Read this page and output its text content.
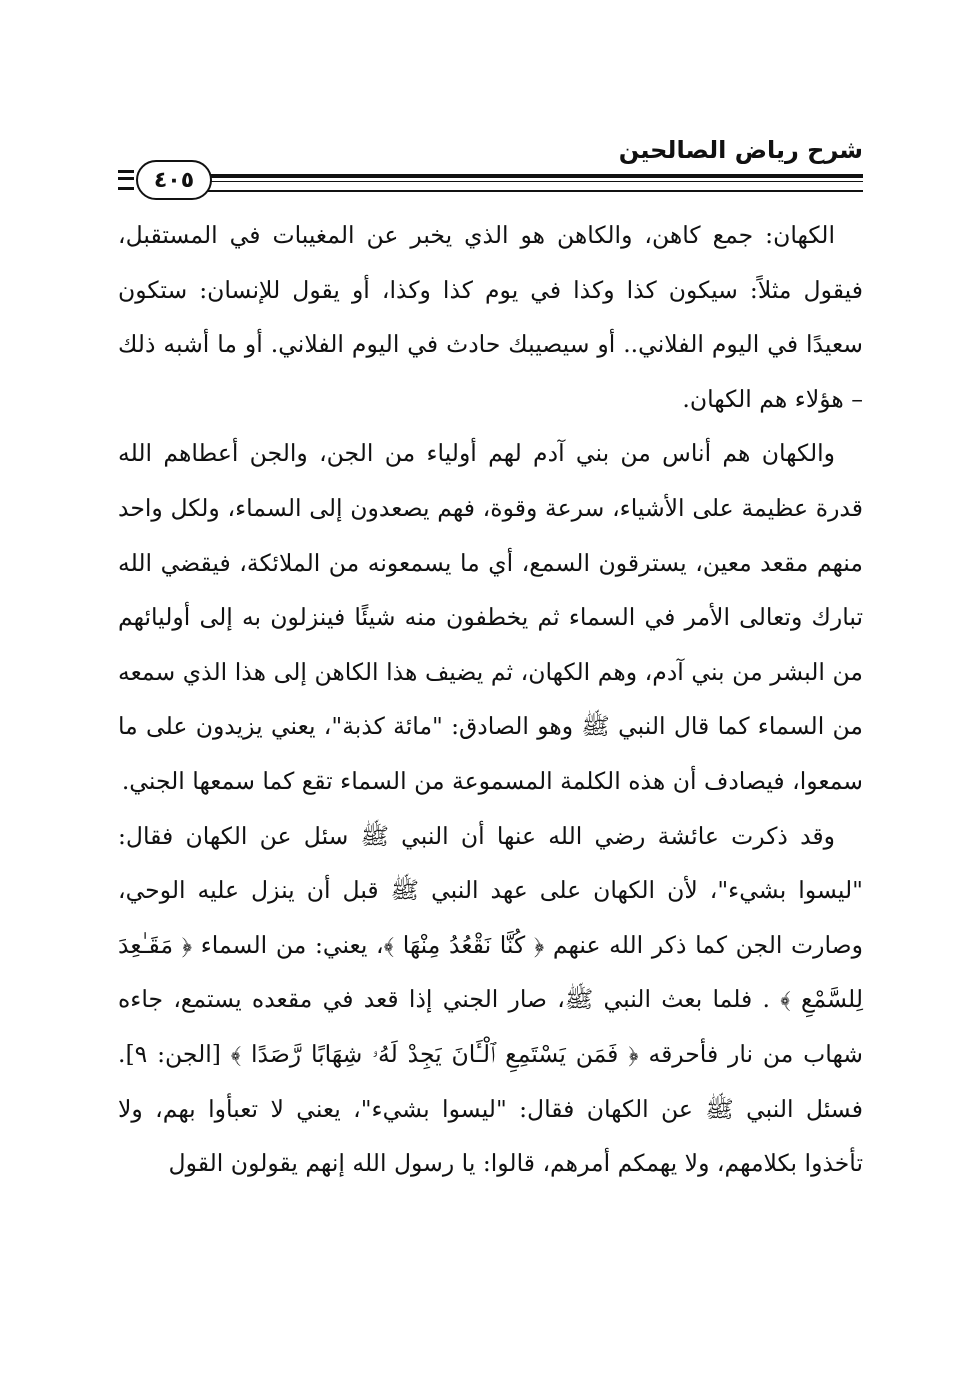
شرح رياض الصالحين
٤٠٥

الكهان: جمع كاهن، والكاهن هو الذي يخبر عن المغيبات في المستقبل، فيقول مثلاً: سيكون كذا وكذا في يوم كذا وكذا، أو يقول للإنسان: ستكون سعيدًا في اليوم الفلاني.. أو سيصيبك حادث في اليوم الفلاني. أو ما أشبه ذلك – هؤلاء هم الكهان.

والكهان هم أناس من بني آدم لهم أولياء من الجن، والجن أعطاهم الله قدرة عظيمة على الأشياء، سرعة وقوة، فهم يصعدون إلى السماء، ولكل واحد منهم مقعد معين، يسترقون السمع، أي ما يسمعونه من الملائكة، فيقضي الله تبارك وتعالى الأمر في السماء ثم يخطفون منه شيئًا فينزلون به إلى أوليائهم من البشر من بني آدم، وهم الكهان، ثم يضيف هذا الكاهن إلى هذا الذي سمعه من السماء كما قال النبي ﷺ وهو الصادق: "مائة كذبة"، يعني يزيدون على ما سمعوا، فيصادف أن هذه الكلمة المسموعة من السماء تقع كما سمعها الجني.

وقد ذكرت عائشة رضي الله عنها أن النبي ﷺ سئل عن الكهان فقال: "ليسوا بشيء"، لأن الكهان على عهد النبي ﷺ قبل أن ينزل عليه الوحي، وصارت الجن كما ذكر الله عنهم ﴿ كُنَّا نَقْعُدُ مِنْهَا ﴾، يعني: من السماء ﴿ مَقَـٰعِدَ لِلسَّمْعِ ﴾ . فلما بعث النبي ﷺ، صار الجني إذا قعد في مقعده يستمع، جاءه شهاب من نار فأحرقه ﴿ فَمَن يَسْتَمِعِ ٱلْـَٔانَ يَجِدْ لَهُۥ شِهَابًا رَّصَدًا ﴾ [الجن: ٩]. فسئل النبي ﷺ عن الكهان فقال: "ليسوا بشيء"، يعني لا تعبأوا بهم، ولا تأخذوا بكلامهم، ولا يهمكم أمرهم، قالوا: يا رسول الله إنهم يقولون القول
